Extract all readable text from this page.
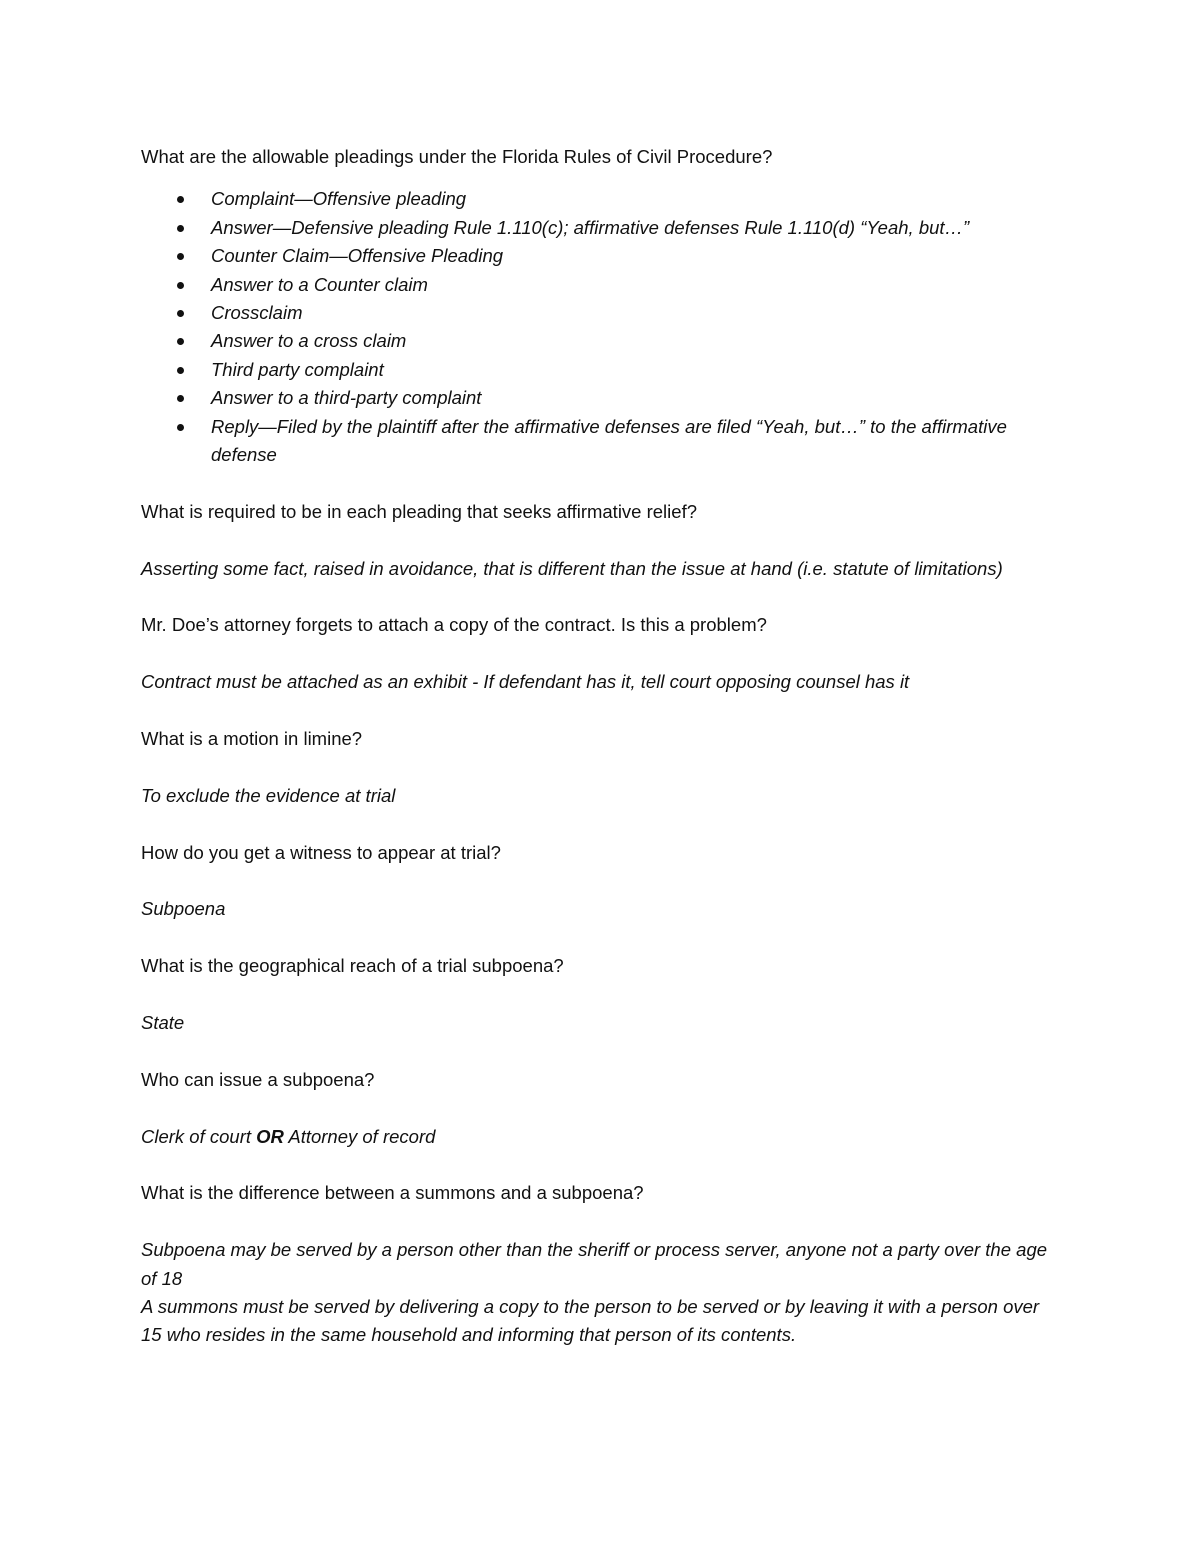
What are the allowable pleadings under the Florida Rules of Civil Procedure?

Complaint—Offensive pleading
Answer—Defensive pleading Rule 1.110(c); affirmative defenses Rule 1.110(d) “Yeah, but…”
Counter Claim—Offensive Pleading
Answer to a Counter claim
Crossclaim
Answer to a cross claim
Third party complaint
Answer to a third-party complaint
Reply—Filed by the plaintiff after the affirmative defenses are filed “Yeah, but…” to the affirmative defense

What is required to be in each pleading that seeks affirmative relief?

Asserting some fact, raised in avoidance, that is different than the issue at hand (i.e. statute of limitations)

Mr. Doe’s attorney forgets to attach a copy of the contract. Is this a problem?

Contract must be attached as an exhibit - If defendant has it, tell court opposing counsel has it

What is a motion in limine?

To exclude the evidence at trial

How do you get a witness to appear at trial?

Subpoena

What is the geographical reach of a trial subpoena?

State

Who can issue a subpoena?

Clerk of court OR Attorney of record

What is the difference between a summons and a subpoena?

Subpoena may be served by a person other than the sheriff or process server, anyone not a party over the age of 18

A summons must be served by delivering a copy to the person to be served or by leaving it with a person over 15 who resides in the same household and informing that person of its contents.
